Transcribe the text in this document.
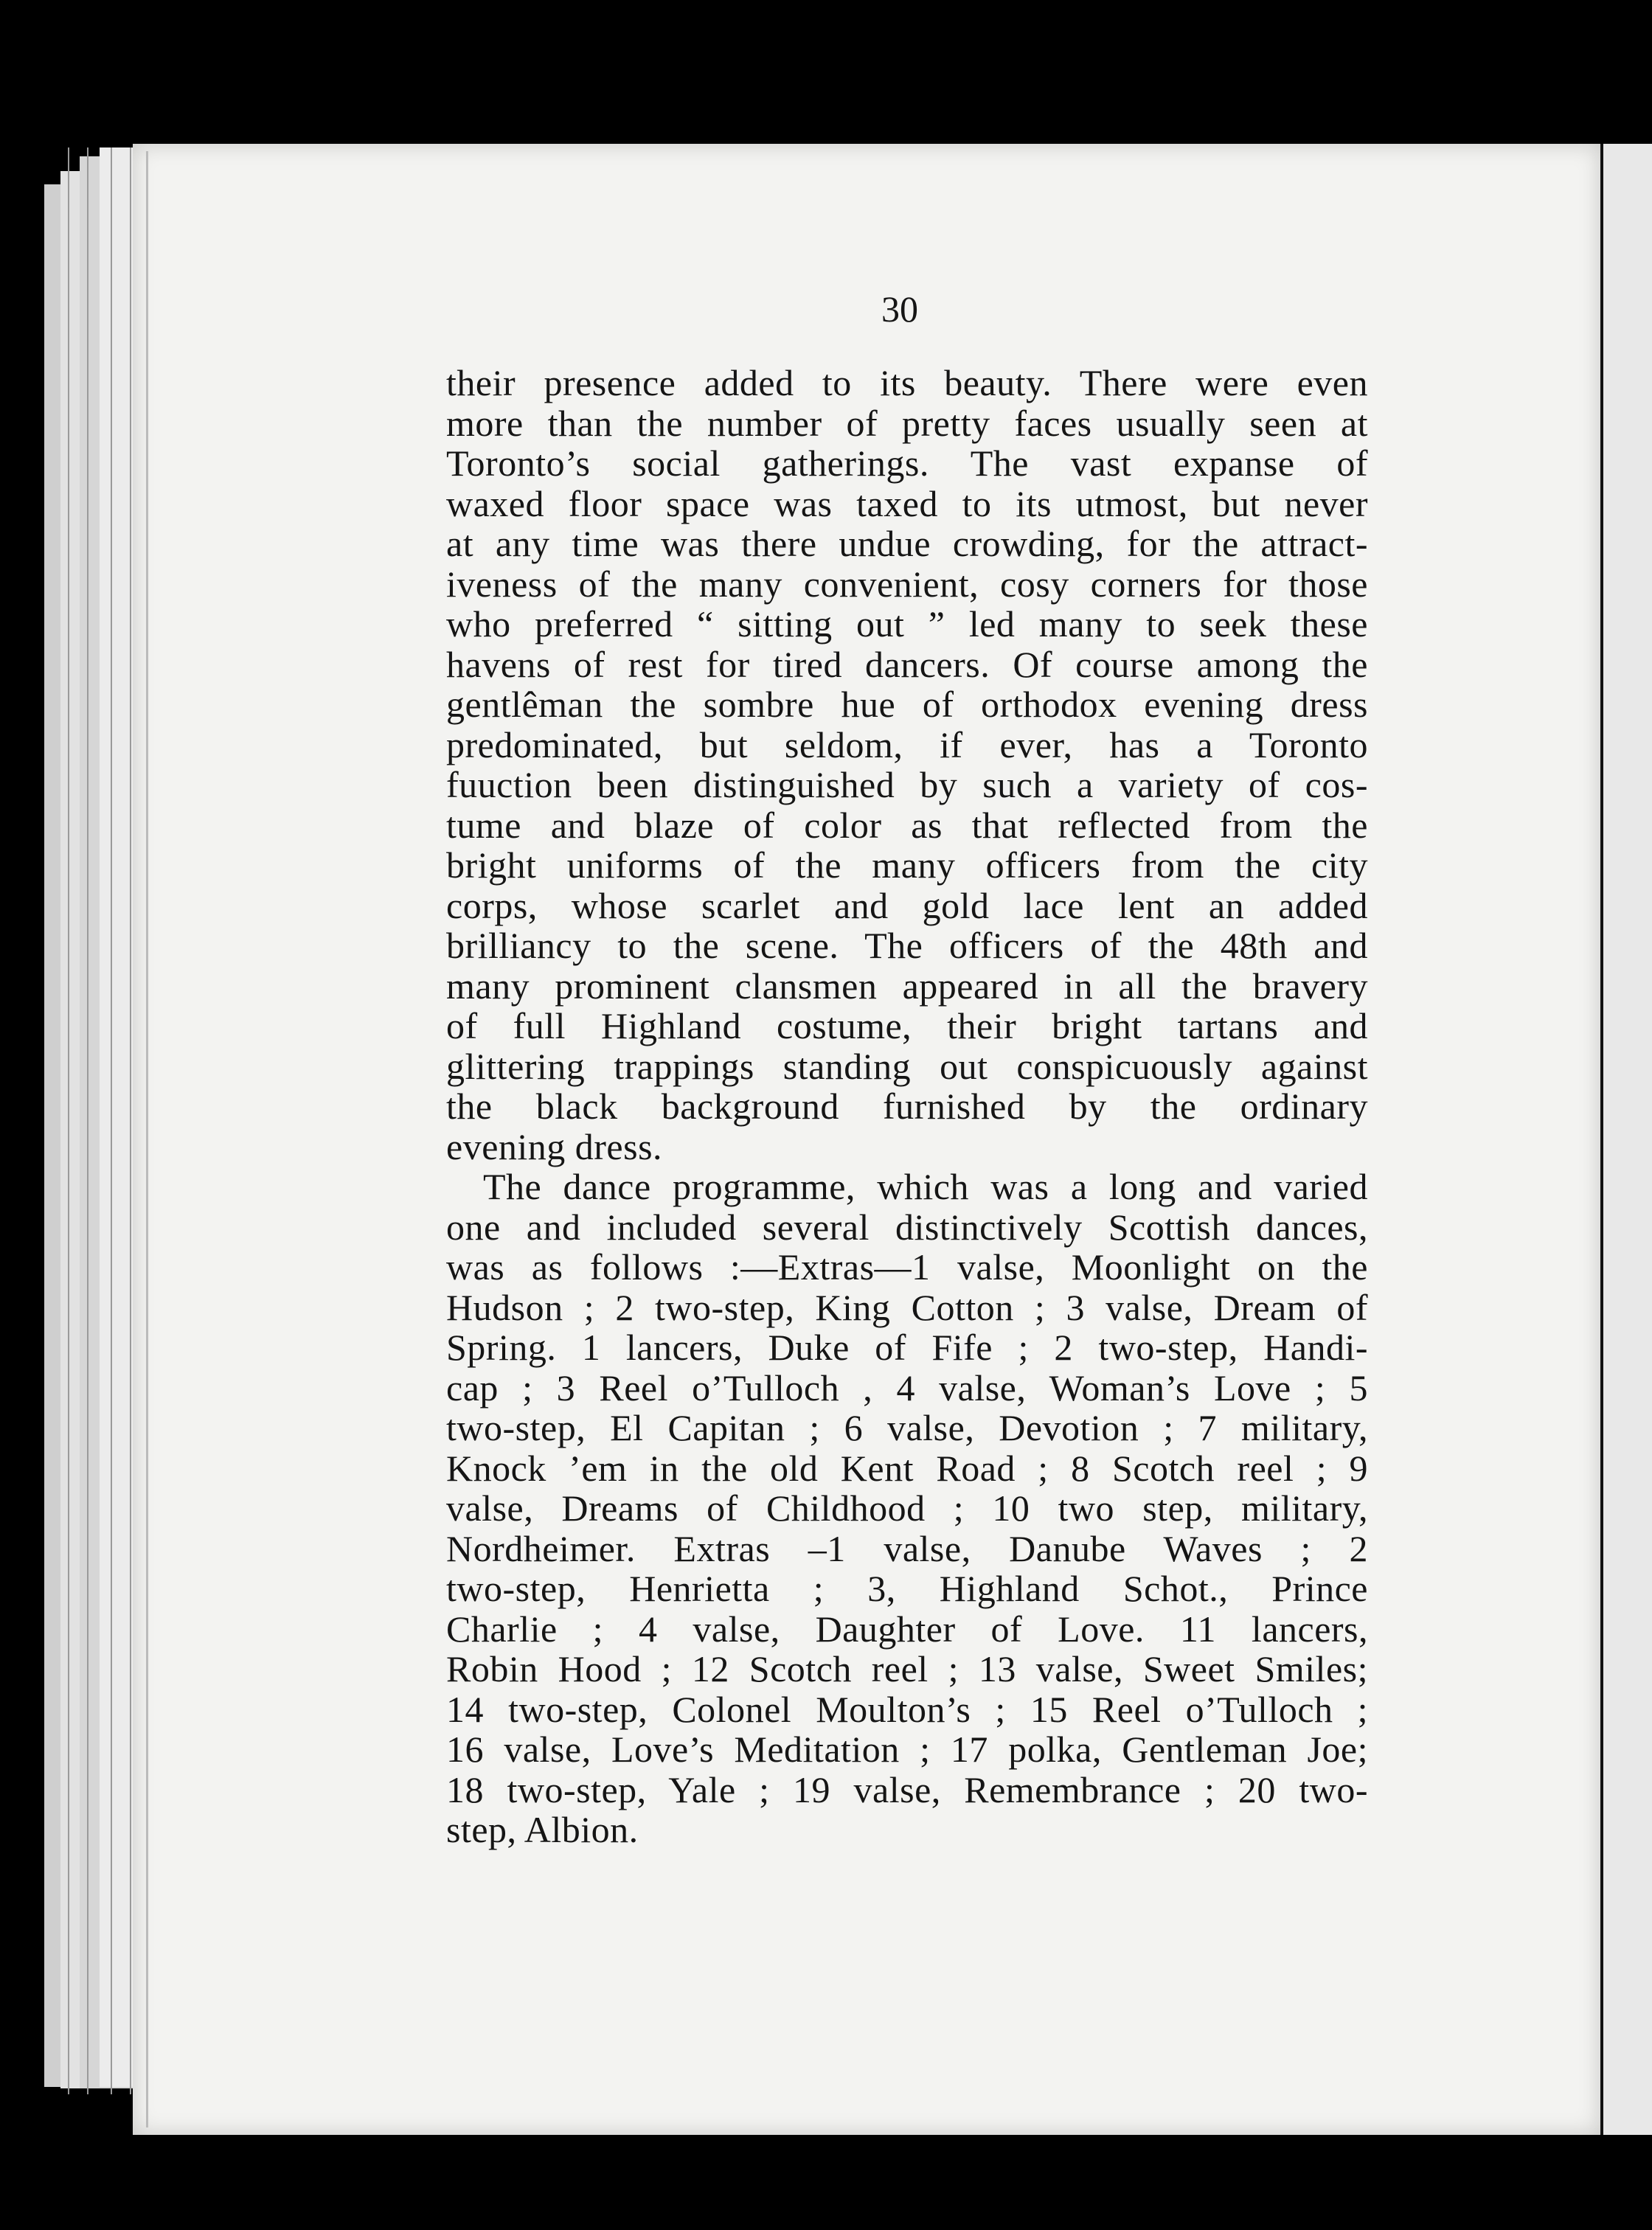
30
their presence added to its beauty. There were even
more than the number of pretty faces usually seen at
Toronto’s social gatherings. The vast expanse of
waxed floor space was taxed to its utmost, but never
at any time was there undue crowding, for the attract-
iveness of the many convenient, cosy corners for those
who preferred “ sitting out ” led many to seek these
havens of rest for tired dancers. Of course among the
gentlêman the sombre hue of orthodox evening dress
predominated, but seldom, if ever, has a Toronto
fuuction been distinguished by such a variety of cos-
tume and blaze of color as that reflected from the
bright uniforms of the many officers from the city
corps, whose scarlet and gold lace lent an added
brilliancy to the scene. The officers of the 48th and
many prominent clansmen appeared in all the bravery
of full Highland costume, their bright tartans and
glittering trappings standing out conspicuously against
the black background furnished by the ordinary
evening dress.
The dance programme, which was a long and varied
one and included several distinctively Scottish dances,
was as follows :—Extras—1 valse, Moonlight on the
Hudson ; 2 two-step, King Cotton ; 3 valse, Dream of
Spring. 1 lancers, Duke of Fife ; 2 two-step, Handi-
cap ; 3 Reel o’Tulloch , 4 valse, Woman’s Love ; 5
two-step, El Capitan ; 6 valse, Devotion ; 7 military,
Knock ’em in the old Kent Road ; 8 Scotch reel ; 9
valse, Dreams of Childhood ; 10 two step, military,
Nordheimer. Extras –1 valse, Danube Waves ; 2
two-step, Henrietta ; 3, Highland Schot., Prince
Charlie ; 4 valse, Daughter of Love. 11 lancers,
Robin Hood ; 12 Scotch reel ; 13 valse, Sweet Smiles;
14 two-step, Colonel Moulton’s ; 15 Reel o’Tulloch ;
16 valse, Love’s Meditation ; 17 polka, Gentleman Joe;
18 two-step, Yale ; 19 valse, Remembrance ; 20 two-
step, Albion.
